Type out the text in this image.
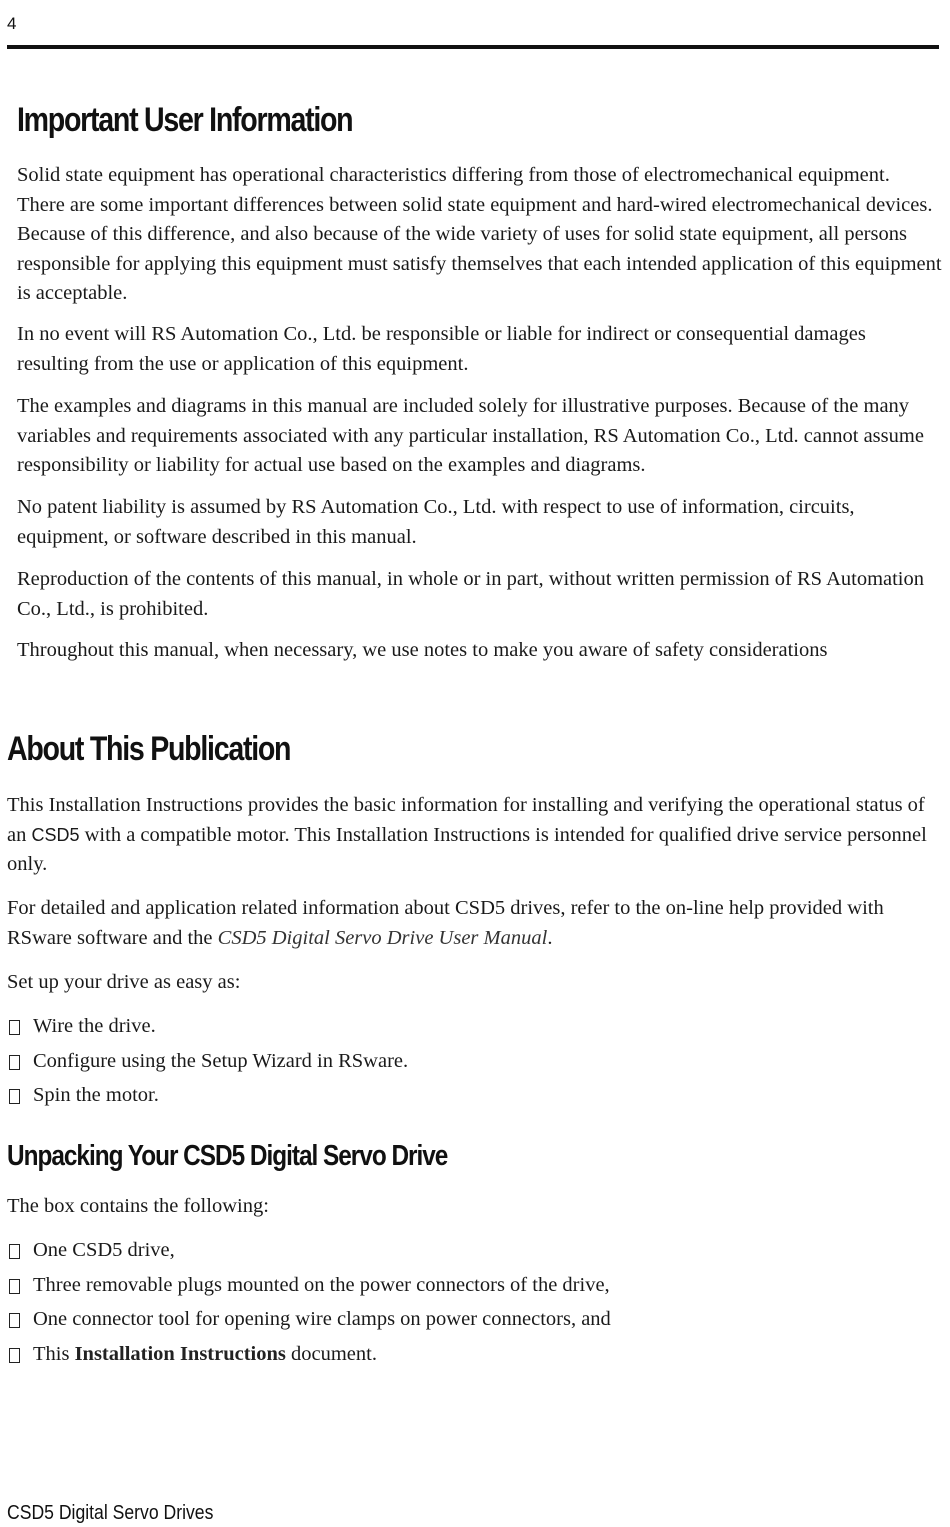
4
Important User Information

Solid state equipment has operational characteristics differing from those of electromechanical equipment. There are some important differences between solid state equipment and hard-wired electromechanical devices. Because of this difference, and also because of the wide variety of uses for solid state equipment, all persons responsible for applying this equipment must satisfy themselves that each intended application of this equipment is acceptable.

In no event will RS Automation Co., Ltd. be responsible or liable for indirect or consequential damages resulting from the use or application of this equipment.

The examples and diagrams in this manual are included solely for illustrative purposes. Because of the many variables and requirements associated with any particular installation, RS Automation Co., Ltd. cannot assume responsibility or liability for actual use based on the examples and diagrams.

No patent liability is assumed by RS Automation Co., Ltd. with respect to use of information, circuits, equipment, or software described in this manual.

Reproduction of the contents of this manual, in whole or in part, without written permission of RS Automation Co., Ltd., is prohibited.

Throughout this manual, when necessary, we use notes to make you aware of safety considerations

About This Publication

This Installation Instructions provides the basic information for installing and verifying the operational status of an CSD5 with a compatible motor. This Installation Instructions is intended for qualified drive service personnel only.

For detailed and application related information about CSD5 drives, refer to the on-line help provided with RSware software and the CSD5 Digital Servo Drive User Manual.

Set up your drive as easy as:

Wire the drive.
Configure using the Setup Wizard in RSware.
Spin the motor.
Unpacking Your CSD5 Digital Servo Drive

The box contains the following:

One CSD5 drive,
Three removable plugs mounted on the power connectors of the drive,
One connector tool for opening wire clamps on power connectors, and
This Installation Instructions document.
CSD5 Digital Servo Drives
